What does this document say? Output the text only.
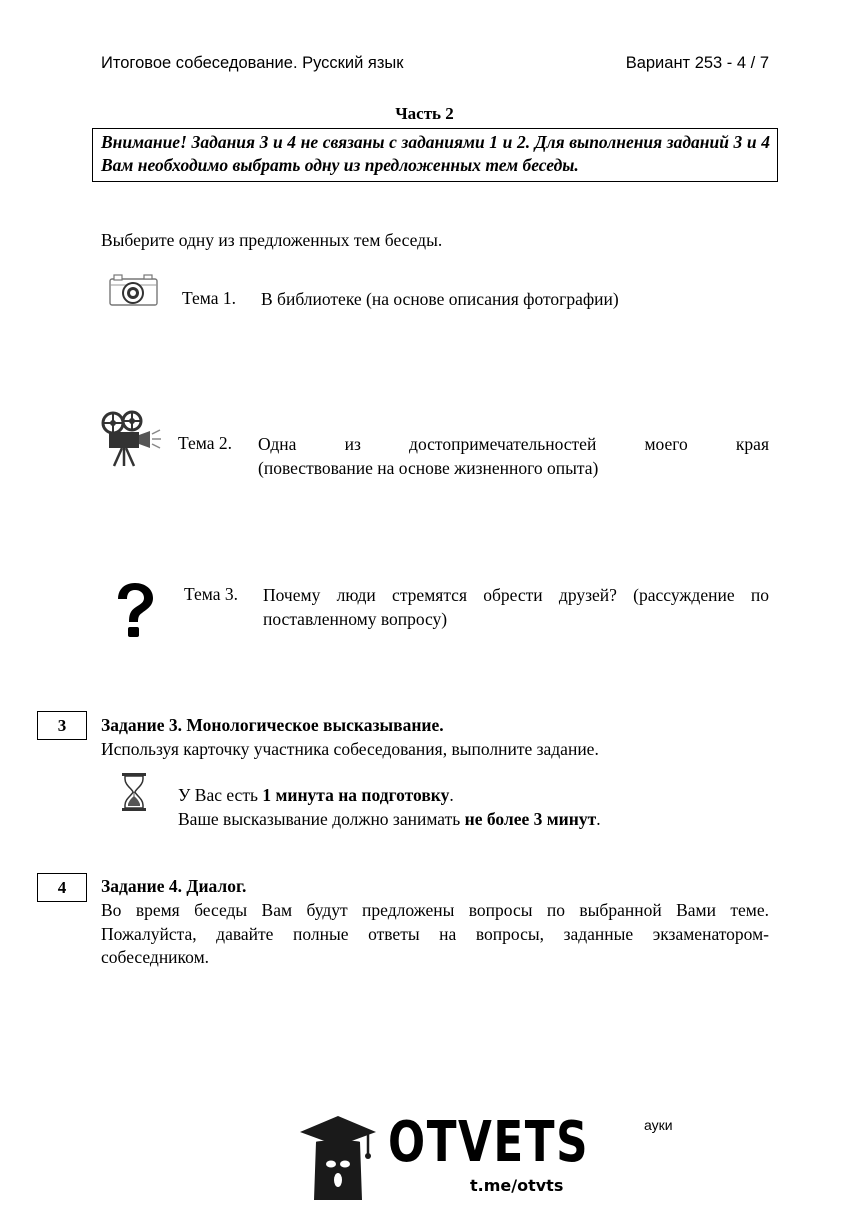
Итоговое собеседование. Русский язык	Вариант 253 - 4 / 7
Часть 2
Внимание! Задания 3 и 4 не связаны с заданиями 1 и 2. Для выполнения заданий 3 и 4 Вам необходимо выбрать одну из предложенных тем беседы.
Выберите одну из предложенных тем беседы.
Тема 1. В библиотеке (на основе описания фотографии)
Тема 2. Одна из достопримечательностей моего края
(повествование на основе жизненного опыта)
Тема 3. Почему люди стремятся обрести друзей? (рассуждение по
поставленному вопросу)
3	Задание 3. Монологическое высказывание.
Используя карточку участника собеседования, выполните задание.
У Вас есть 1 минута на подготовку.
Ваше высказывание должно занимать не более 3 минут.
4	Задание 4. Диалог.
Во время беседы Вам будут предложены вопросы по выбранной Вами теме.
Пожалуйста, давайте полные ответы на вопросы, заданные экзаменатором-
собеседником.
OTVETS
t.me/otvts
ауки
